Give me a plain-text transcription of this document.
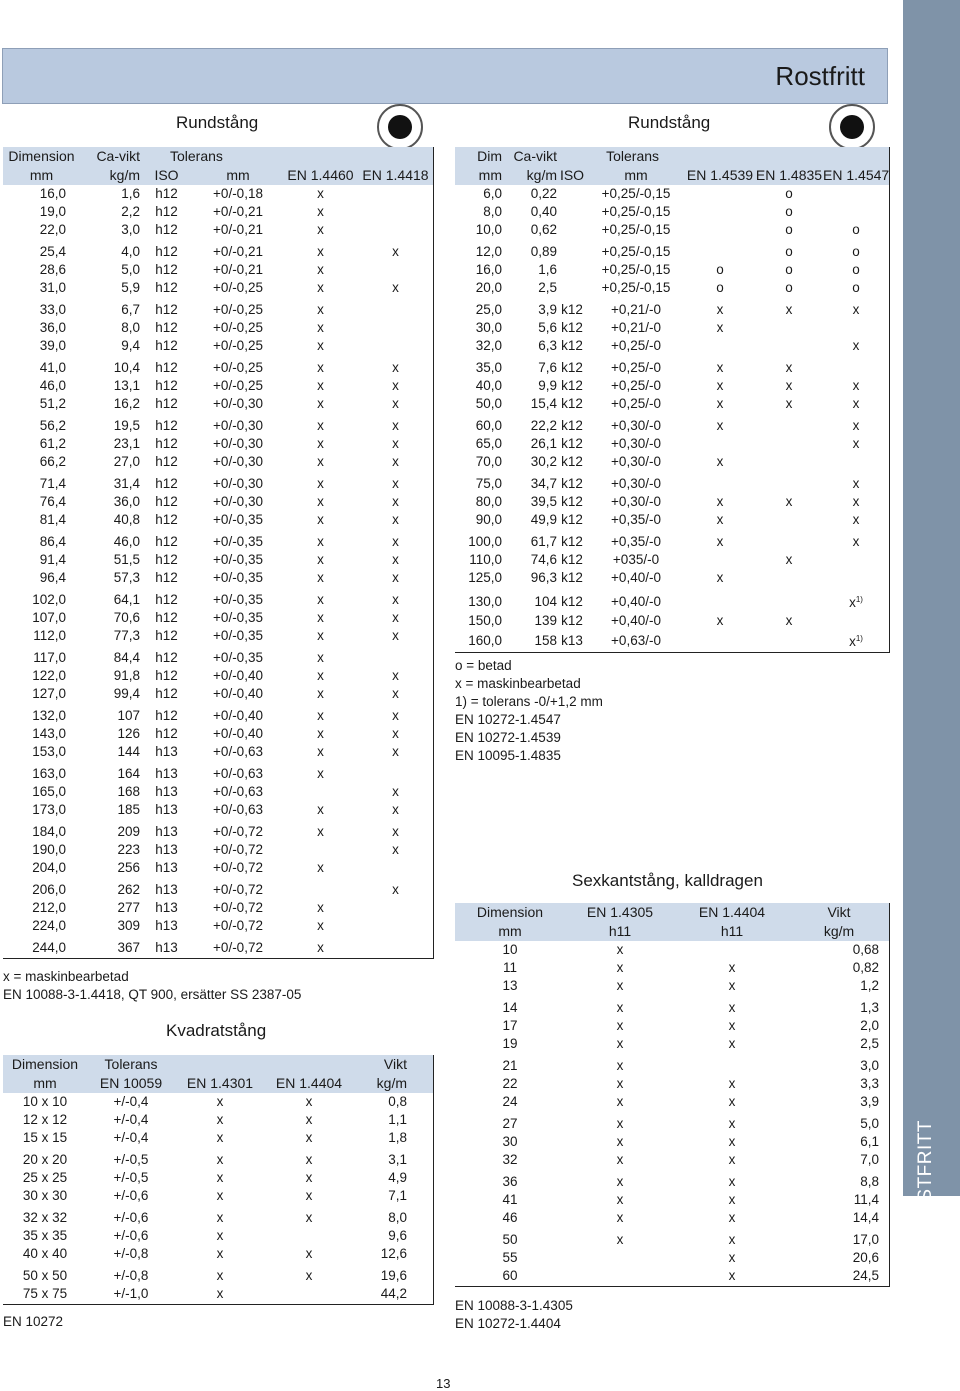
ROSTFRITT
Rostfritt
Rundstång	Rundstång
Dimension	Ca-vikt	Tolerans			
mm	kg/m	ISO	mm	EN 1.4460	EN 1.4418
16,0	1,6	h12	+0/-0,18	x	
19,0	2,2	h12	+0/-0,21	x	
22,0	3,0	h12	+0/-0,21	x	
25,4	4,0	h12	+0/-0,21	x	x
28,6	5,0	h12	+0/-0,21	x	
31,0	5,9	h12	+0/-0,25	x	x
33,0	6,7	h12	+0/-0,25	x	
36,0	8,0	h12	+0/-0,25	x	
39,0	9,4	h12	+0/-0,25	x	
41,0	10,4	h12	+0/-0,25	x	x
46,0	13,1	h12	+0/-0,25	x	x
51,2	16,2	h12	+0/-0,30	x	x
56,2	19,5	h12	+0/-0,30	x	x
61,2	23,1	h12	+0/-0,30	x	x
66,2	27,0	h12	+0/-0,30	x	x
71,4	31,4	h12	+0/-0,30	x	x
76,4	36,0	h12	+0/-0,30	x	x
81,4	40,8	h12	+0/-0,35	x	x
86,4	46,0	h12	+0/-0,35	x	x
91,4	51,5	h12	+0/-0,35	x	x
96,4	57,3	h12	+0/-0,35	x	x
102,0	64,1	h12	+0/-0,35	x	x
107,0	70,6	h12	+0/-0,35	x	x
112,0	77,3	h12	+0/-0,35	x	x
117,0	84,4	h12	+0/-0,35	x	
122,0	91,8	h12	+0/-0,40	x	x
127,0	99,4	h12	+0/-0,40	x	x
132,0	107	h12	+0/-0,40	x	x
143,0	126	h12	+0/-0,40	x	x
153,0	144	h13	+0/-0,63	x	x
163,0	164	h13	+0/-0,63	x	
165,0	168	h13	+0/-0,63		x
173,0	185	h13	+0/-0,63	x	x
184,0	209	h13	+0/-0,72	x	x
190,0	223	h13	+0/-0,72		x
204,0	256	h13	+0/-0,72	x	
206,0	262	h13	+0/-0,72		x
212,0	277	h13	+0/-0,72	x	
224,0	309	h13	+0/-0,72	x	
244,0	367	h13	+0/-0,72	x	
x = maskinbearbetad
EN 10088-3-1.4418, QT 900, ersätter SS 2387-05
Kvadratstång
Dimension	Tolerans			Vikt
mm	EN 10059	EN 1.4301	EN 1.4404	kg/m
10 x 10	+/-0,4	x	x	0,8
12 x 12	+/-0,4	x	x	1,1
15 x 15	+/-0,4	x	x	1,8
20 x 20	+/-0,5	x	x	3,1
25 x 25	+/-0,5	x	x	4,9
30 x 30	+/-0,6	x	x	7,1
32 x 32	+/-0,6	x	x	8,0
35 x 35	+/-0,6	x		9,6
40 x 40	+/-0,8	x	x	12,6
50 x 50	+/-0,8	x	x	19,6
75 x 75	+/-1,0	x		44,2
EN 10272
Dim	Ca-vikt	Tolerans				
mm	kg/m	ISO	mm	EN 1.4539	EN 1.4835	EN 1.4547
6,0	0,22		+0,25/-0,15		o	
8,0	0,40		+0,25/-0,15		o	
10,0	0,62		+0,25/-0,15		o	o
12,0	0,89		+0,25/-0,15		o	o
16,0	1,6		+0,25/-0,15	o	o	o
20,0	2,5		+0,25/-0,15	o	o	o
25,0	3,9	k12	+0,21/-0	x	x	x
30,0	5,6	k12	+0,21/-0	x		
32,0	6,3	k12	+0,25/-0			x
35,0	7,6	k12	+0,25/-0	x	x	
40,0	9,9	k12	+0,25/-0	x	x	x
50,0	15,4	k12	+0,25/-0	x	x	x
60,0	22,2	k12	+0,30/-0	x		x
65,0	26,1	k12	+0,30/-0			x
70,0	30,2	k12	+0,30/-0	x		
75,0	34,7	k12	+0,30/-0			x
80,0	39,5	k12	+0,30/-0	x	x	x
90,0	49,9	k12	+0,35/-0	x		x
100,0	61,7	k12	+0,35/-0	x		x
110,0	74,6	k12	+035/-0		x	
125,0	96,3	k12	+0,40/-0	x		
130,0	104	k12	+0,40/-0			$x^{1)}$
150,0	139	k12	+0,40/-0	x	x	
160,0	158	k13	+0,63/-0			$x^{1)}$
o = betad
x = maskinbearbetad
1) = tolerans -0/+1,2 mm
EN 10272-1.4547
EN 10272-1.4539
EN 10095-1.4835
Sexkantstång, kalldragen
Dimension	EN 1.4305	EN 1.4404	Vikt
mm	h11	h11	kg/m
10	x		0,68
11	x	x	0,82
13	x	x	1,2
14	x	x	1,3
17	x	x	2,0
19	x	x	2,5
21	x		3,0
22	x	x	3,3
24	x	x	3,9
27	x	x	5,0
30	x	x	6,1
32	x	x	7,0
36	x	x	8,8
41	x	x	11,4
46	x	x	14,4
50	x	x	17,0
55		x	20,6
60		x	24,5
EN 10088-3-1.4305
EN 10272-1.4404
13
